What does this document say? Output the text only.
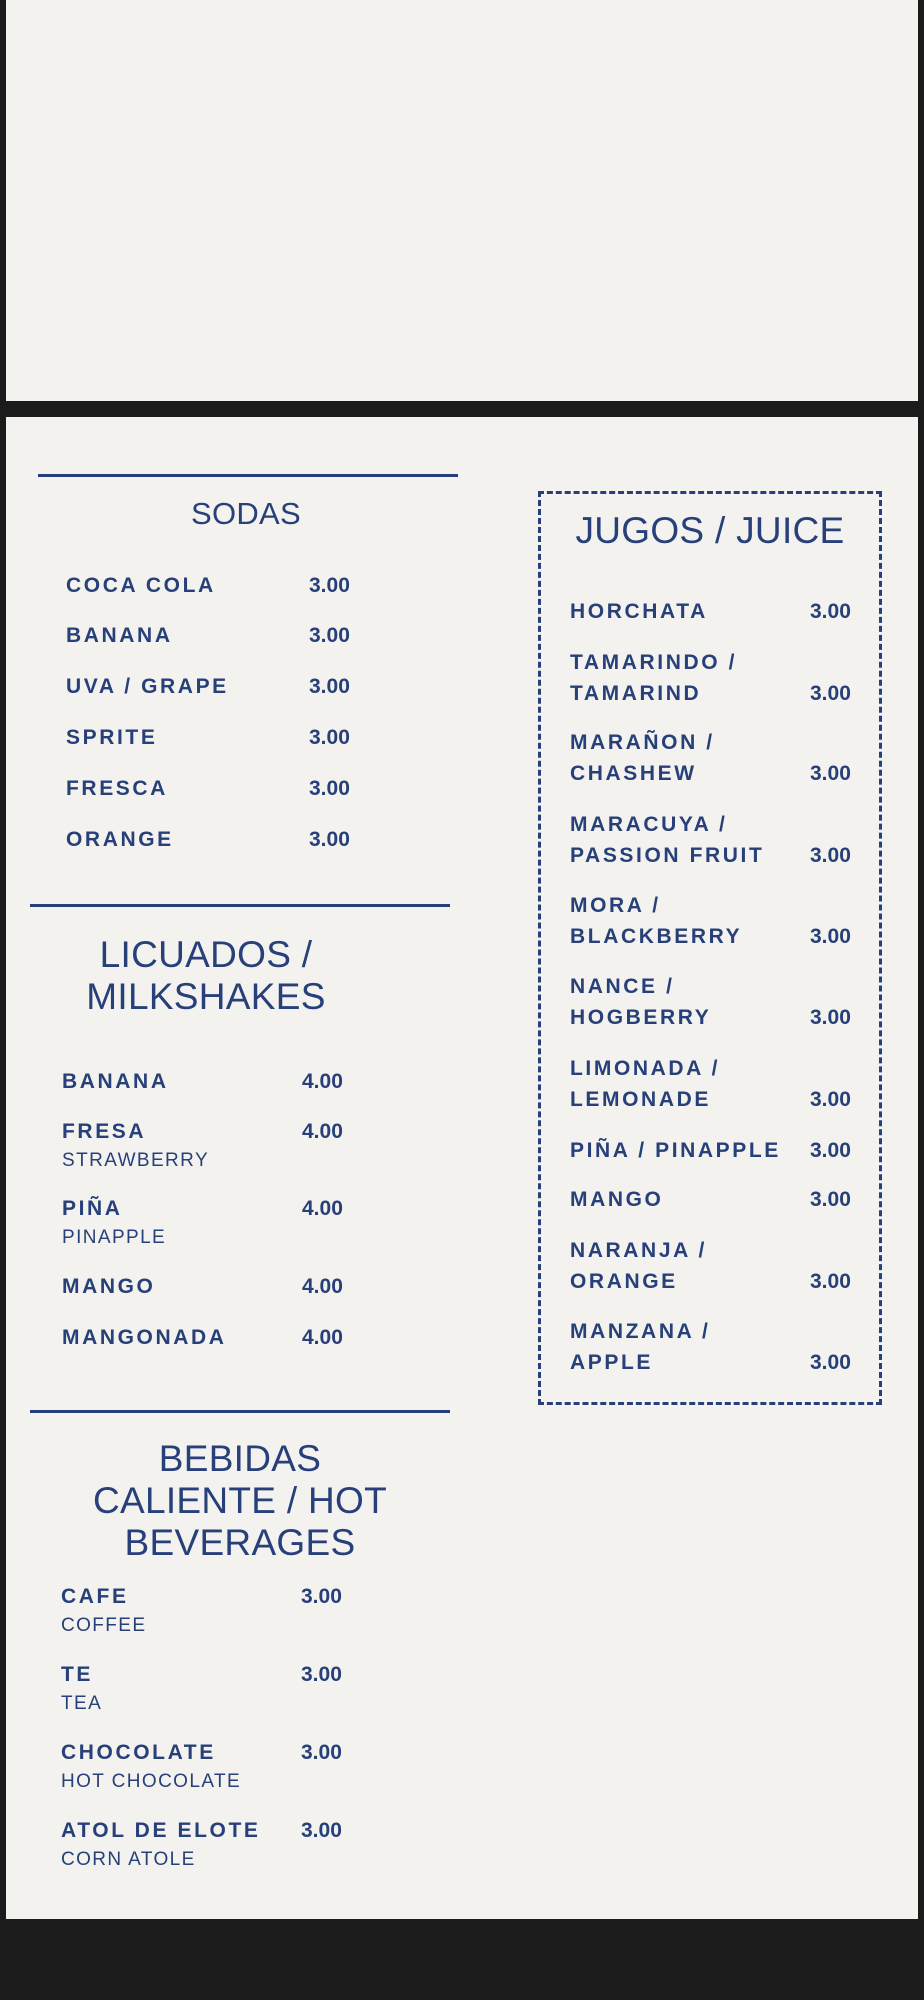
SODAS
COCA COLA	3.00
BANANA	3.00
UVA / GRAPE	3.00
SPRITE	3.00
FRESCA	3.00
ORANGE	3.00
LICUADOS /
MILKSHAKES
BANANA	4.00
FRESA	4.00
STRAWBERRY
PIÑA	4.00
PINAPPLE
MANGO	4.00
MANGONADA	4.00
BEBIDAS
CALIENTE / HOT
BEVERAGES
CAFE	3.00
COFFEE
TE	3.00
TEA
CHOCOLATE	3.00
HOT CHOCOLATE
ATOL DE ELOTE 3.00
CORN ATOLE
JUGOS / JUICE
HORCHATA	3.00
TAMARINDO /
TAMARIND	3.00
MARAÑON /
CHASHEW	3.00
MARACUYA /
PASSION FRUIT 3.00
MORA /
BLACKBERRY	3.00
NANCE /
HOGBERRY	3.00
LIMONADA /
LEMONADE	3.00
PIÑA / PINAPPLE 3.00
MANGO	3.00
NARANJA /
ORANGE	3.00
MANZANA /
APPLE	3.00
